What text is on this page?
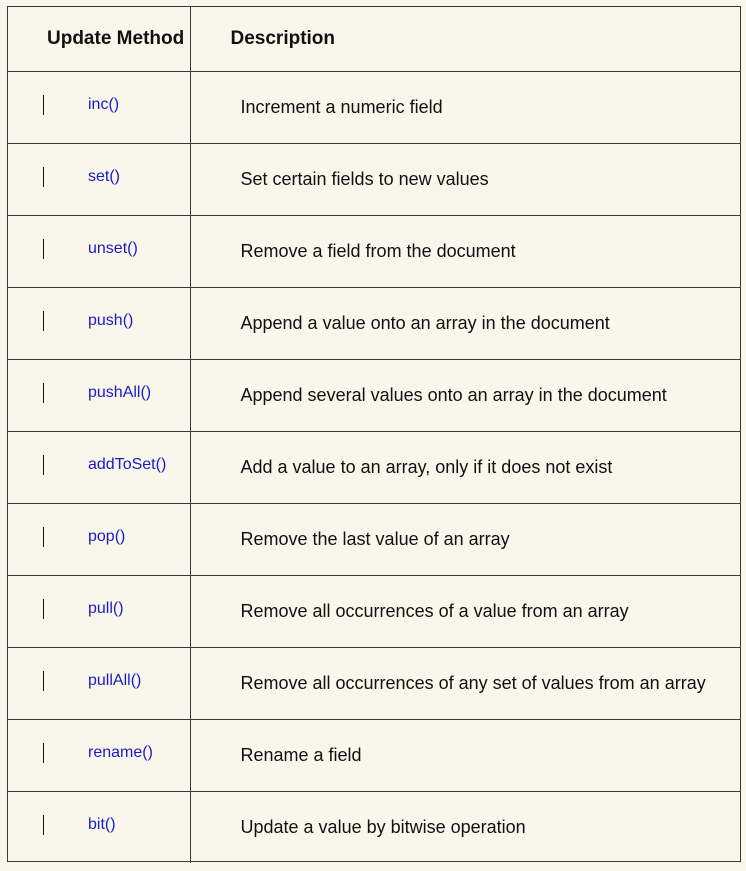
Update Method	Description

inc()	Increment a numeric field

set()	Set certain fields to new values

unset()	Remove a field from the document

push()	Append a value onto an array in the document

pushAll()	Append several values onto an array in the document

addToSet()	Add a value to an array, only if it does not exist

pop()	Remove the last value of an array

pull()	Remove all occurrences of a value from an array

pullAll()	Remove all occurrences of any set of values from an array

rename()	Rename a field

bit()	Update a value by bitwise operation
